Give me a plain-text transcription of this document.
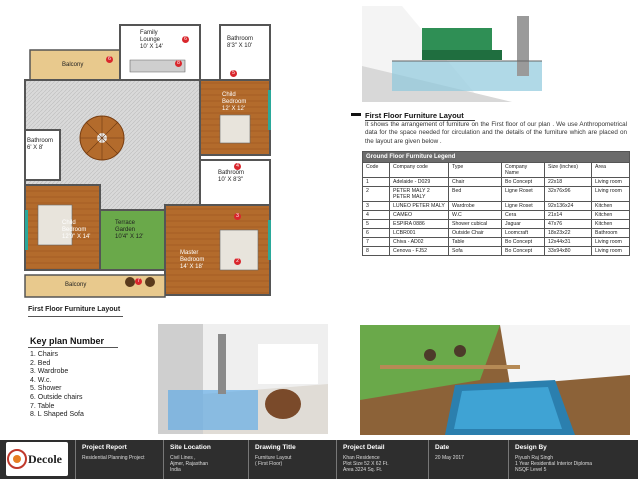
Family
Lounge
10' X 14'
Bathroom
8'3" X 10'
Balcony
Child
Bedroom
12' X 12'
Bathroom
6' X 8'
Bathroom
10' X 8'3"
Child
Bedroom
12'9" X 14'
Terrace
Garden
10'4" X 12'
Master
Bedroom
14' X 18'
Balcony
6
8
5
6
4
3
2
7
First Floor Furniture Layout
Key plan Number
1. Chairs
2. Bed
3. Wardrobe
4. W.c.
5. Shower
6. Outside chairs
7. Table
8. L Shaped Sofa
First Floor Furniture Layout
It shows the arrangement of furniture on the First floor of our plan . We use Anthropometrical data for the space needed for circulation and the details of the furniture which are placed on the layout are given below .
Ground Floor Furniture Legend					
Code	Company code	Type	Company Name	Size (inches)	Area
1	Adelaide - D029	Chair	Bo Concept	22x18	Living room
2	PETER MALY 2 PETER MALY	Bed	Ligne Roset	32x76x96	Living room
3	LUNEO PETER MALY	Wardrobe	Ligne Roset	92x136x24	Kitchen
4	CAMEO	W.C	Cera	21x14	Kitchen
5	ESPIRA 0886	Shower cubical	Jaguar	47x76	Kitchen
6	LCBR001	Outside Chair	Loomcraft	18x23x22	Bathroom
7	Chiva - AD02	Table	Bo Concept	12x44x31	Living room
8	Cenova - FJ52	Sofa	Bo Concept	33x94x80	Living room
Project Report
Residential Planning Project
Site Location
Civil Lines ,
Ajmer, Rajasthan
India
Drawing Title
Furniture Layout
( First Floor)
Project Detail
Khan Residence
Plot Size 52 X 62 Ft.
Area 3224 Sq. Ft.
Date
20 May 2017
Design By
Piyush Raj Singh
1 Year Residential Interior Diploma
NSQF Level 5
Decole
